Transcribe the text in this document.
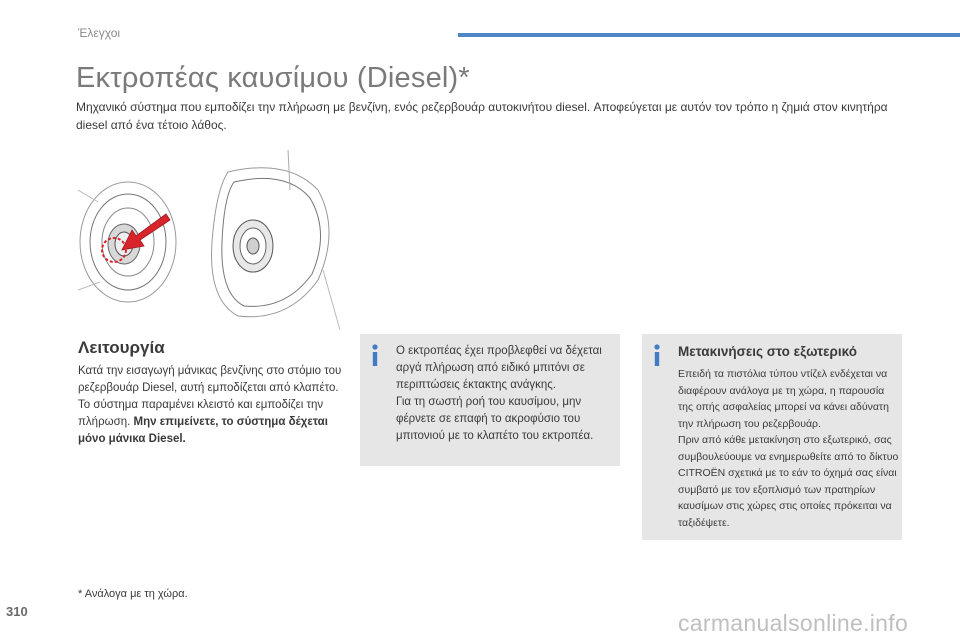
Έλεγχοι
Εκτροπέας καυσίμου (Diesel)*
Μηχανικό σύστημα που εμποδίζει την πλήρωση με βενζίνη, ενός ρεζερβουάρ αυτοκινήτου diesel. Αποφεύγεται με αυτόν τον τρόπο η ζημιά στον κινητήρα diesel από ένα τέτοιο λάθος.
Λειτουργία
Κατά την εισαγωγή μάνικας βενζίνης στο στόμιο του ρεζερβουάρ Diesel, αυτή εμποδίζεται από κλαπέτο. Το σύστημα παραμένει κλειστό και εμποδίζει την πλήρωση. Μην επιμείνετε, το σύστημα δέχεται μόνο μάνικα Diesel.
Ο εκτροπέας έχει προβλεφθεί να δέχεται αργά πλήρωση από ειδικό μπιτόνι σε περιπτώσεις έκτακτης ανάγκης.
Για τη σωστή ροή του καυσίμου, μην φέρνετε σε επαφή το ακροφύσιο του μπιτονιού με το κλαπέτο του εκτροπέα.
Μετακινήσεις στο εξωτερικό
Επειδή τα πιστόλια τύπου ντίζελ ενδέχεται να διαφέρουν ανάλογα με τη χώρα, η παρουσία της οπής ασφαλείας μπορεί να κάνει αδύνατη την πλήρωση του ρεζερβουάρ.
Πριν από κάθε μετακίνηση στο εξωτερικό, σας συμβουλεύουμε να ενημερωθείτε από το δίκτυο CITROËN σχετικά με το εάν το όχημά σας είναι συμβατό με τον εξοπλισμό των πρατηρίων καυσίμων στις χώρες στις οποίες πρόκειται να ταξιδέψετε.
* Ανάλογα με τη χώρα.
310	carmanualsonline.info
